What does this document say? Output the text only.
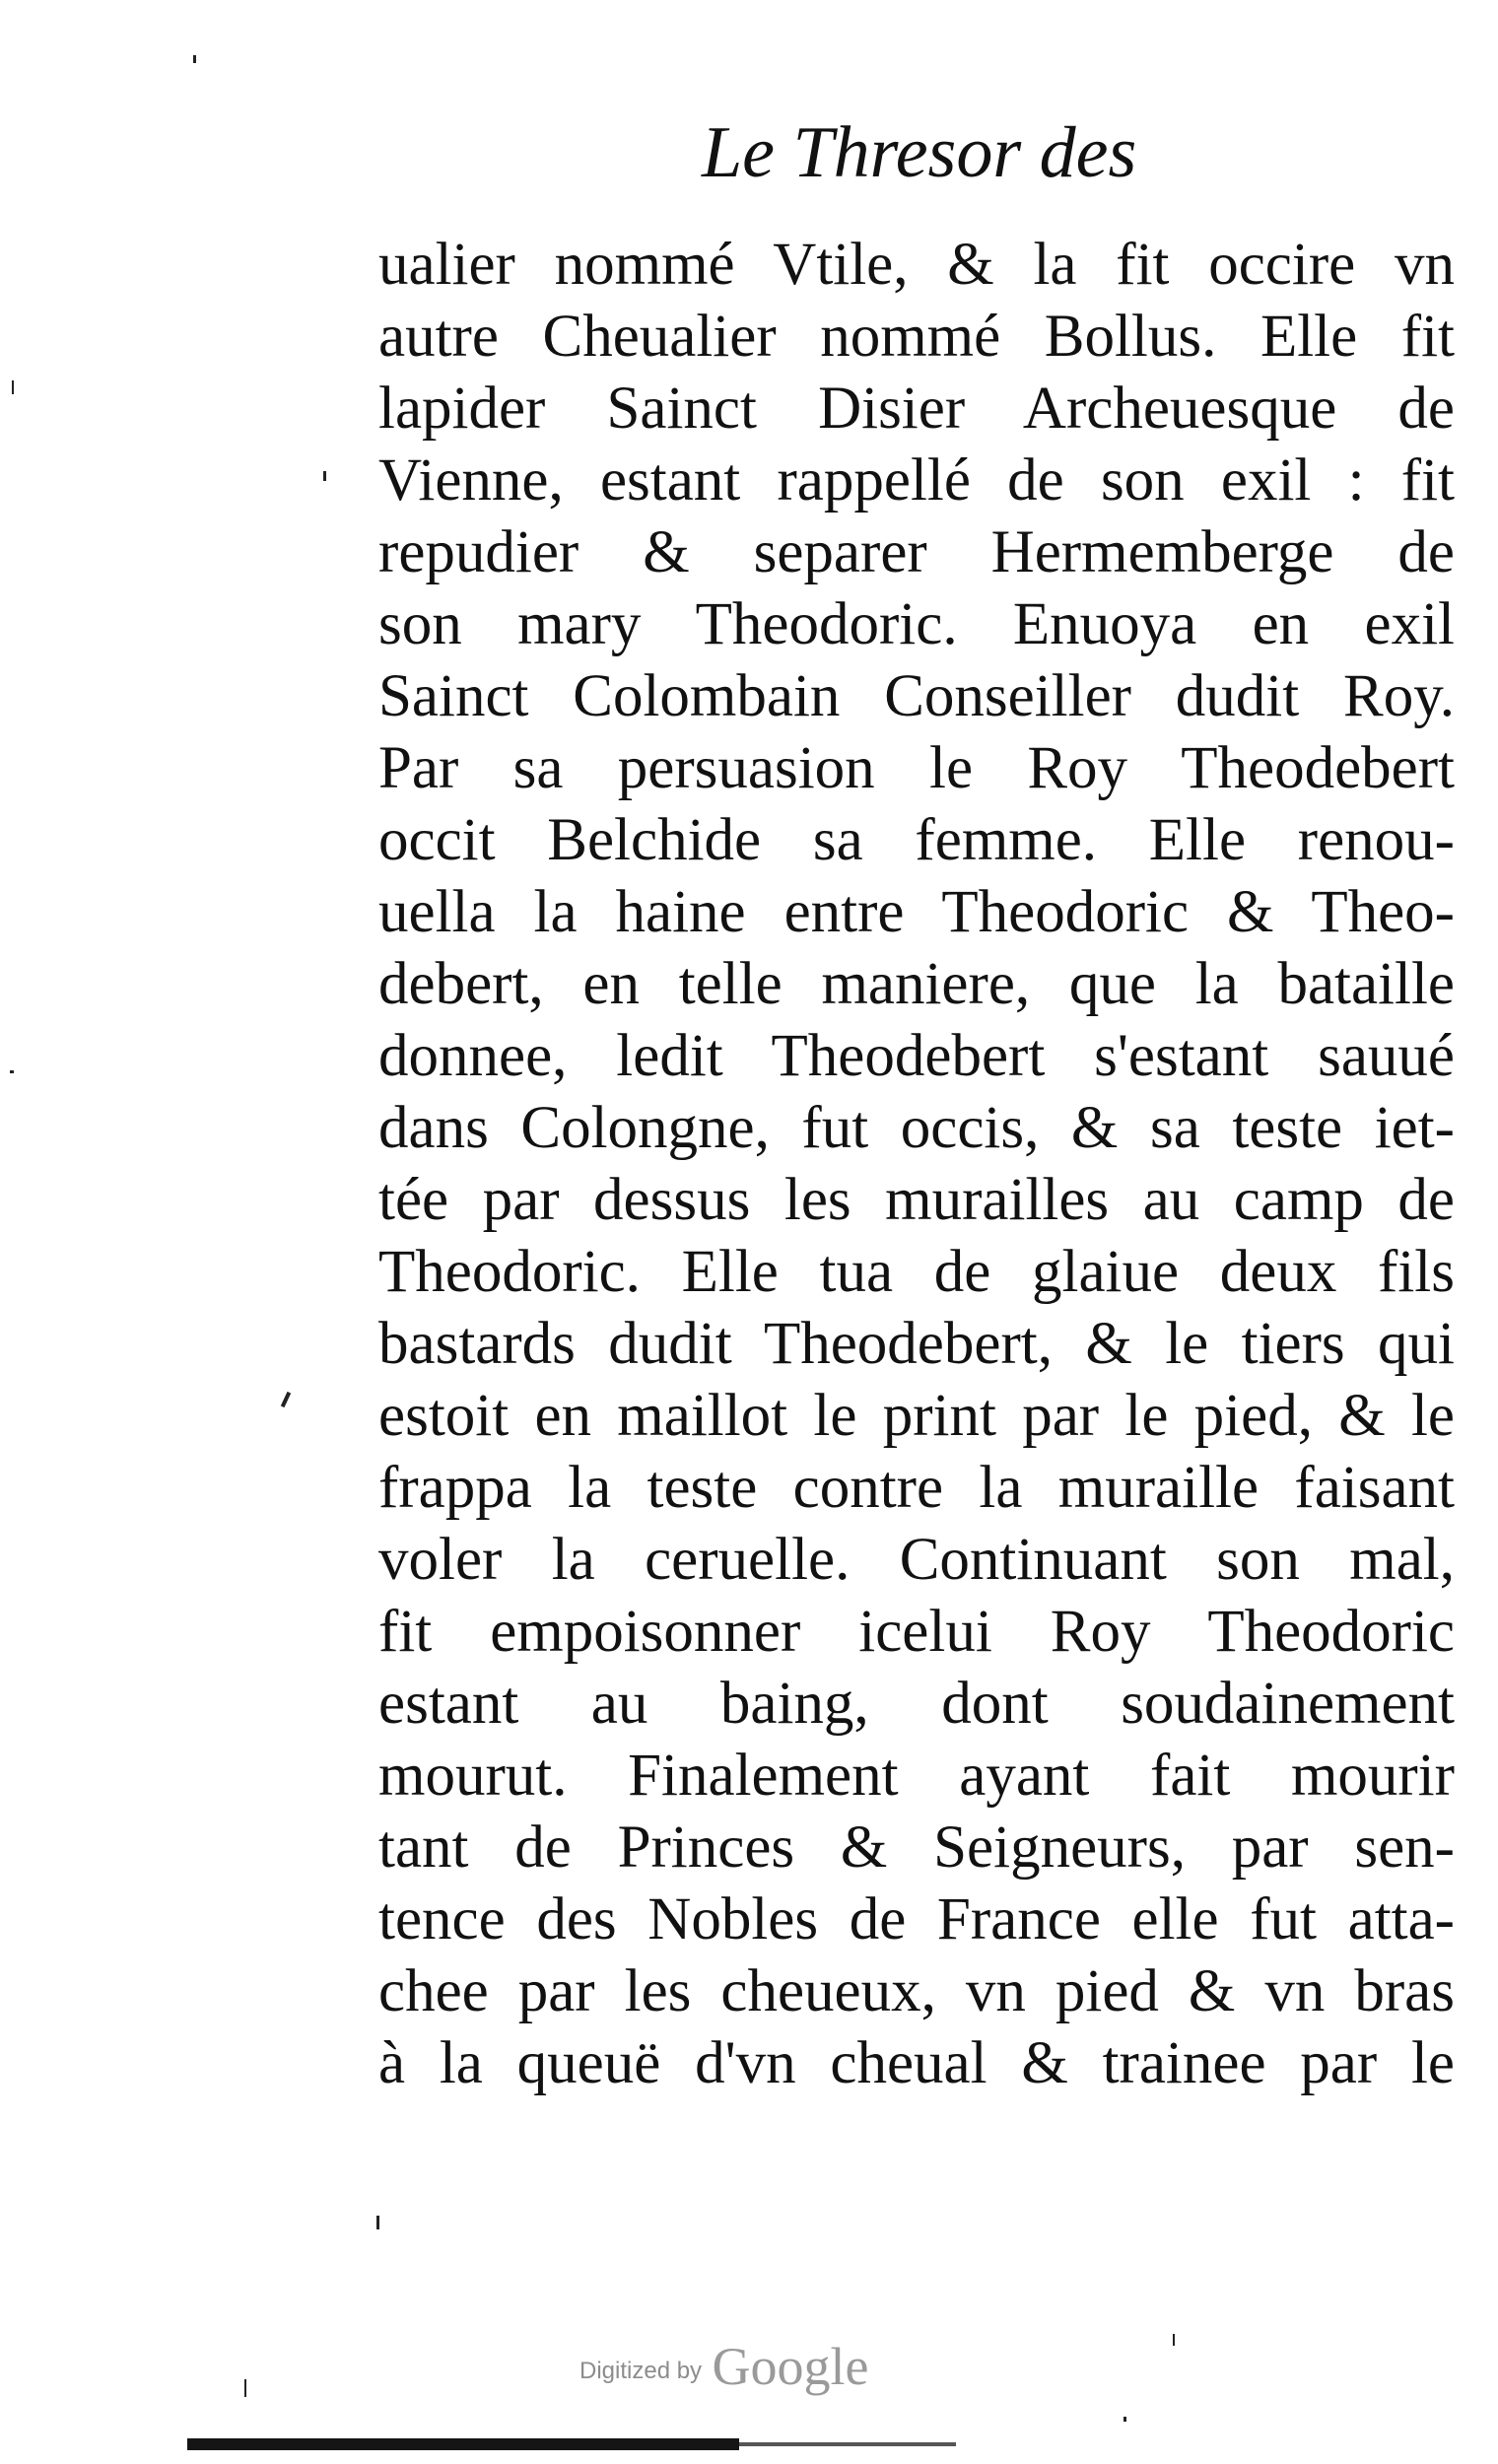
Le Thresor des
ualier nommé Vtile, & la fit occire vn
autre Cheualier nommé Bollus. Elle fit
lapider Sainct Disier Archeuesque de
Vienne, estant rappellé de son exil : fit
repudier & separer Hermemberge de
son mary Theodoric. Enuoya en exil
Sainct Colombain Conseiller dudit Roy.
Par sa persuasion le Roy Theodebert
occit Belchide sa femme. Elle renou-
uella la haine entre Theodoric & Theo-
debert, en telle maniere, que la bataille
donnee, ledit Theodebert s'estant sauué
dans Colongne, fut occis, & sa teste iet-
tée par dessus les murailles au camp de
Theodoric. Elle tua de glaiue deux fils
bastards dudit Theodebert, & le tiers qui
estoit en maillot le print par le pied, & le
frappa la teste contre la muraille faisant
voler la ceruelle. Continuant son mal,
fit empoisonner icelui Roy Theodoric
estant au baing, dont soudainement
mourut. Finalement ayant fait mourir
tant de Princes & Seigneurs, par sen-
tence des Nobles de France elle fut atta-
chee par les cheueux, vn pied & vn bras
à la queuë d'vn cheual & trainee par le
Digitized by Google
